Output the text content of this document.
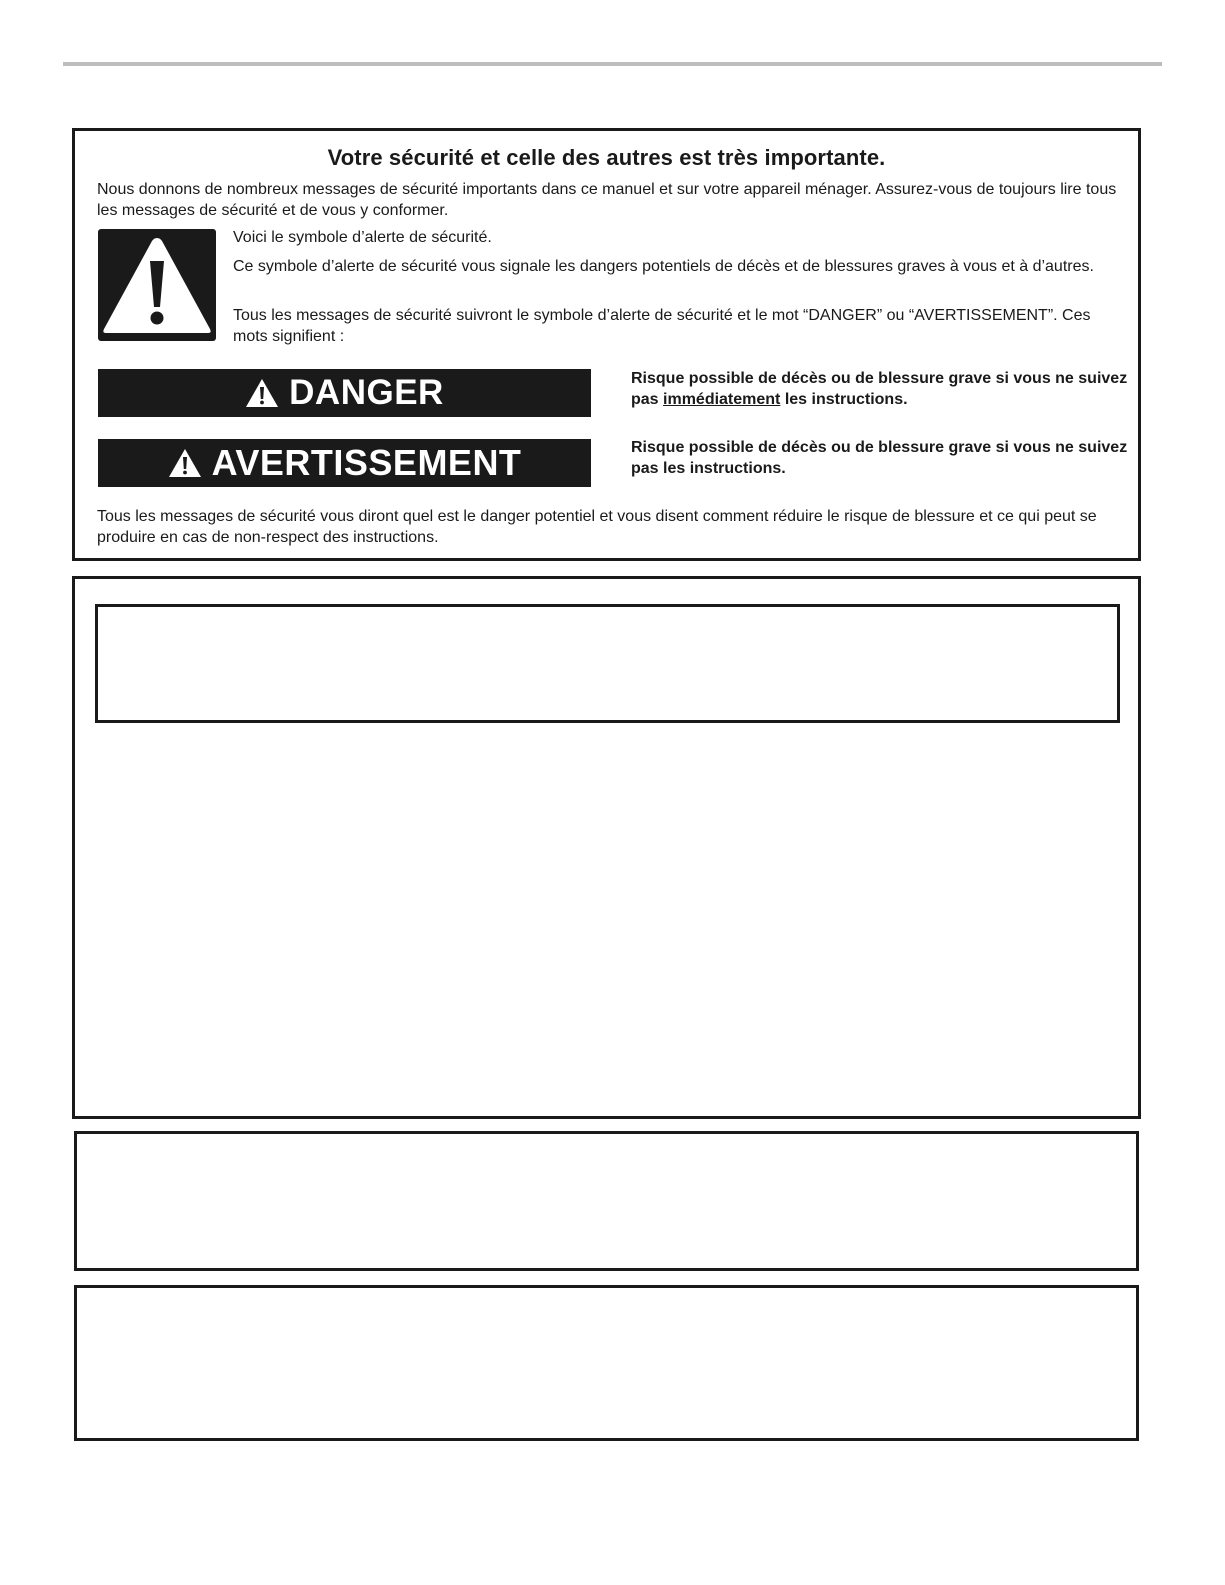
Votre sécurité et celle des autres est très importante.
Nous donnons de nombreux messages de sécurité importants dans ce manuel et sur votre appareil ménager. Assurez-vous de toujours lire tous les messages de sécurité et de vous y conformer.
Voici le symbole d’alerte de sécurité.
Ce symbole d’alerte de sécurité vous signale les dangers potentiels de décès et de blessures graves à vous et à d’autres.
Tous les messages de sécurité suivront le symbole d’alerte de sécurité et le mot “DANGER” ou “AVERTISSEMENT”. Ces mots signifient :
DANGER	Risque possible de décès ou de blessure grave si vous ne suivez pas immédiatement les instructions.
AVERTISSEMENT	Risque possible de décès ou de blessure grave si vous ne suivez pas les instructions.
Tous les messages de sécurité vous diront quel est le danger potentiel et vous disent comment réduire le risque de blessure et ce qui peut se produire en cas de non-respect des instructions.
